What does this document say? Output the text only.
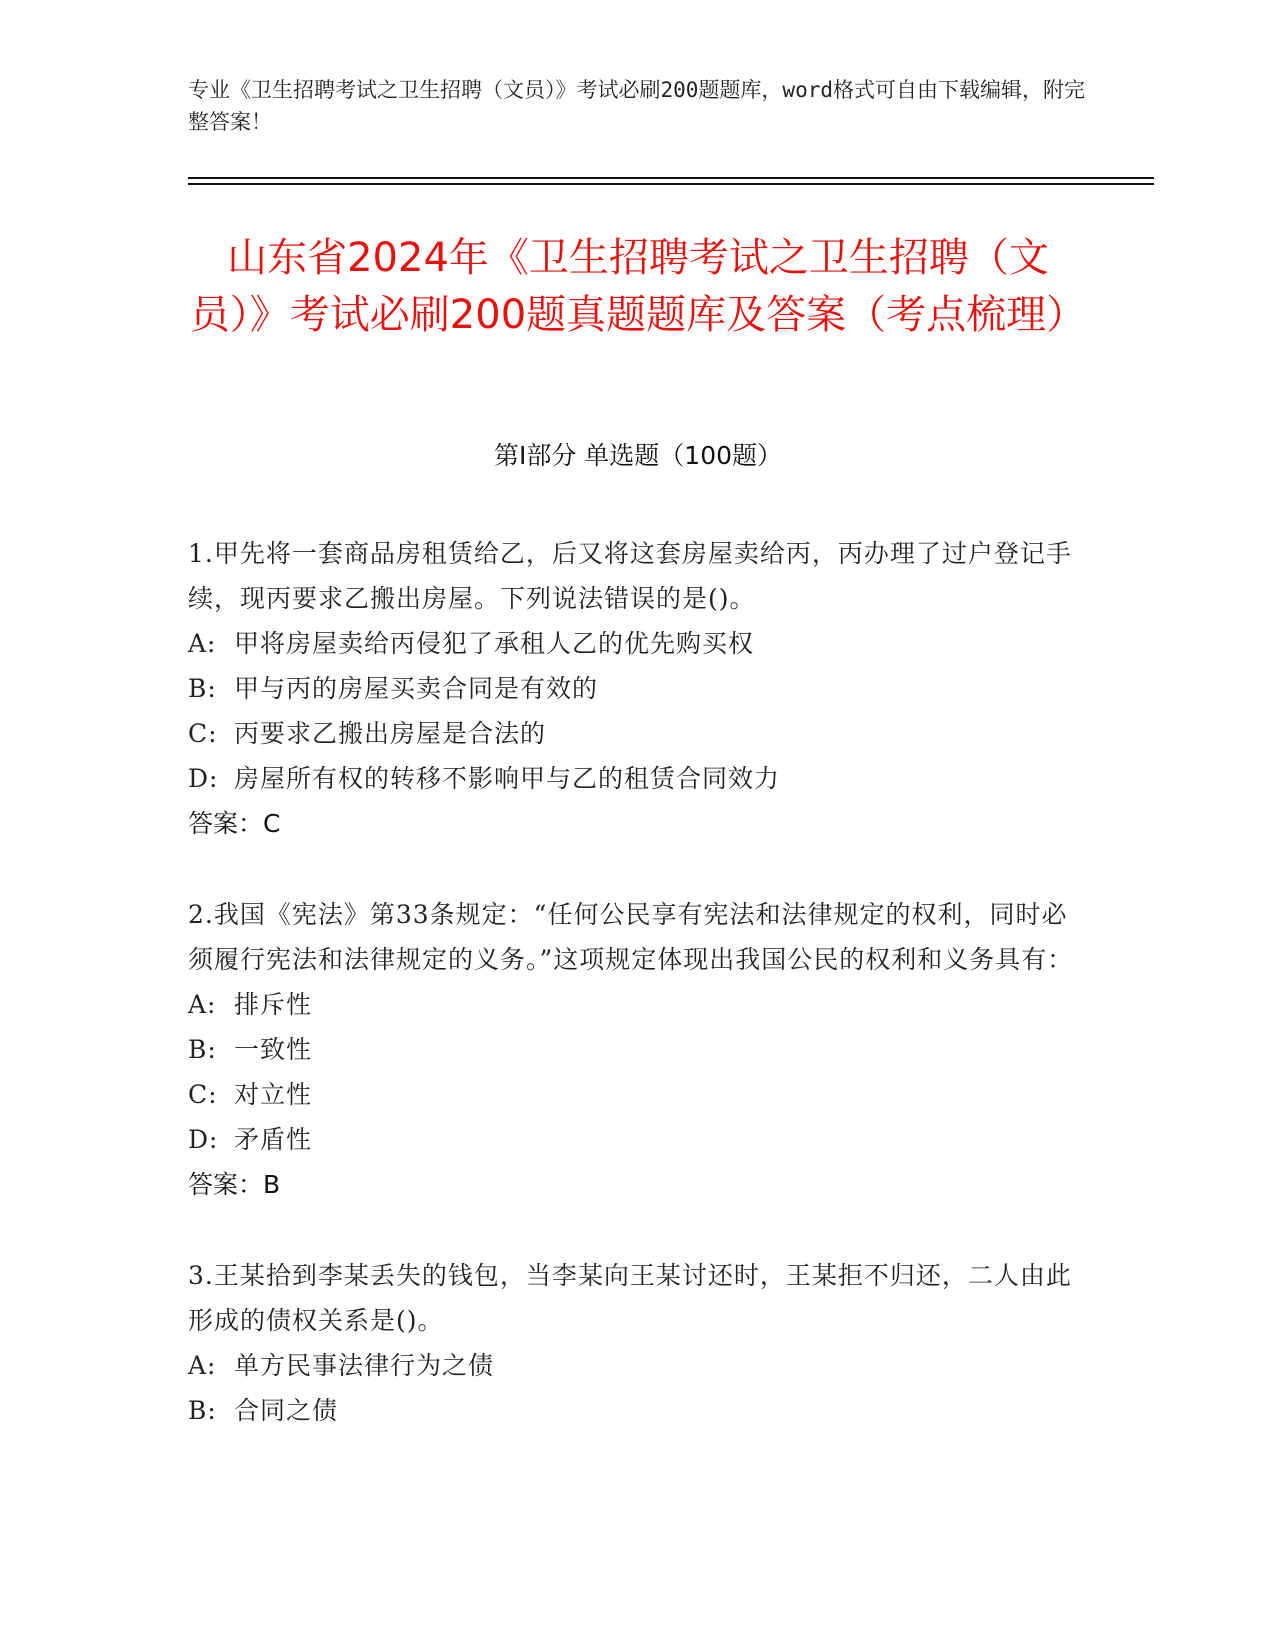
专业《卫生招聘考试之卫生招聘（文员）》考试必刷200题题库，word格式可自由下载编辑，附完整答案！
山东省2024年《卫生招聘考试之卫生招聘（文员）》考试必刷200题真题题库及答案（考点梳理）
第Ⅰ部分 单选题（100题）
1.甲先将一套商品房租赁给乙，后又将这套房屋卖给丙，丙办理了过户登记手续，现丙要求乙搬出房屋。下列说法错误的是()。
A: 甲将房屋卖给丙侵犯了承租人乙的优先购买权
B: 甲与丙的房屋买卖合同是有效的
C: 丙要求乙搬出房屋是合法的
D: 房屋所有权的转移不影响甲与乙的租赁合同效力
答案：C
2.我国《宪法》第33条规定：“任何公民享有宪法和法律规定的权利，同时必须履行宪法和法律规定的义务。”这项规定体现出我国公民的权利和义务具有：
A: 排斥性
B: 一致性
C: 对立性
D: 矛盾性
答案：B
3.王某拾到李某丢失的钱包，当李某向王某讨还时，王某拒不归还，二人由此形成的债权关系是()。
A: 单方民事法律行为之债
B: 合同之债
